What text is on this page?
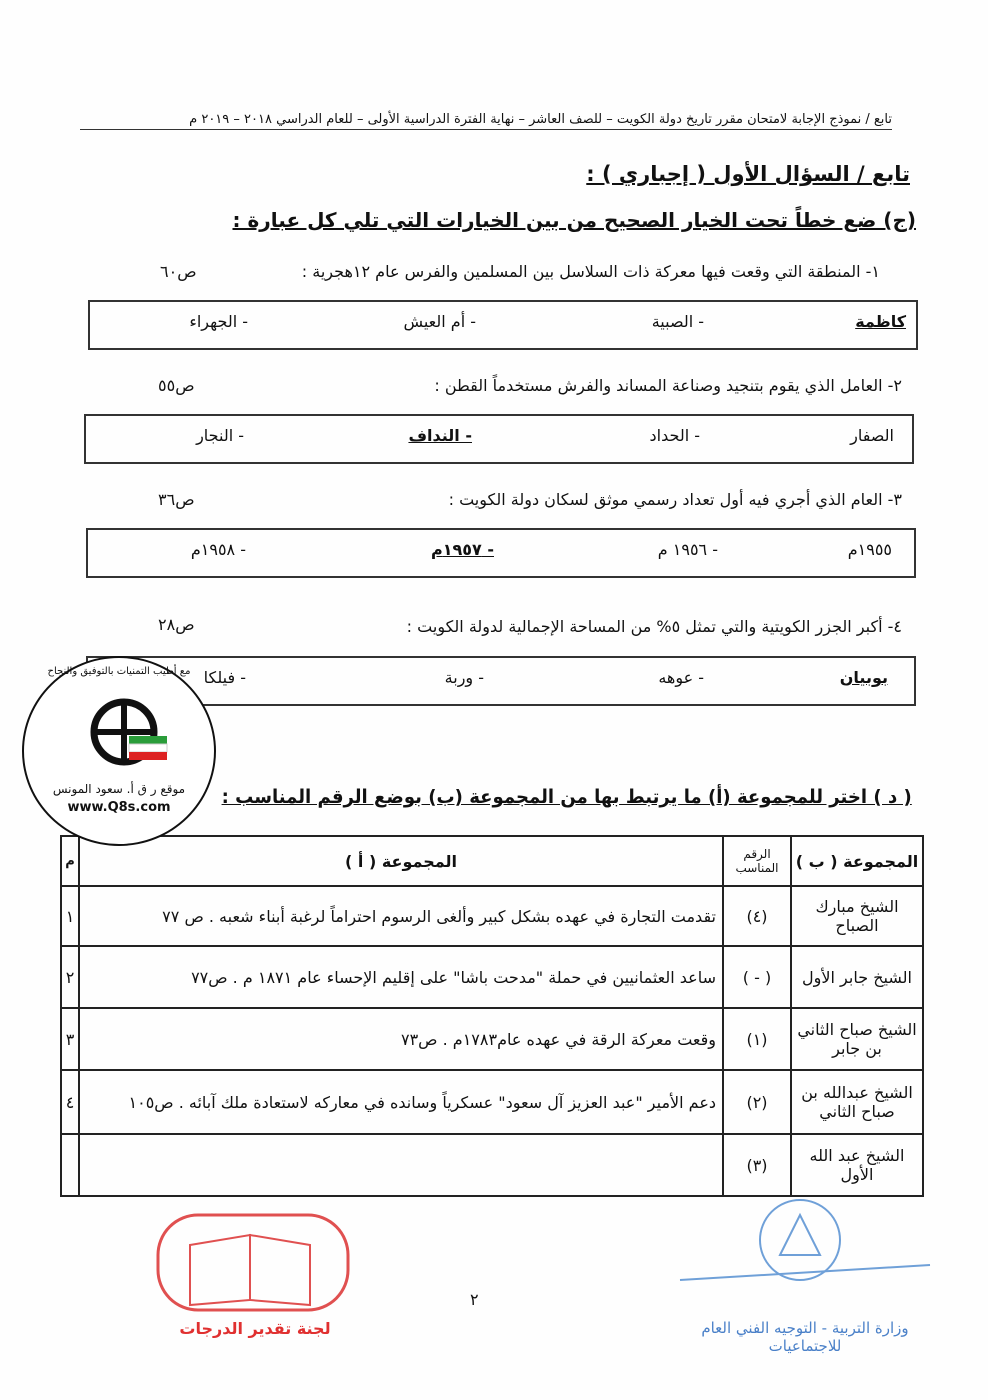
تابع / نموذج الإجابة لامتحان مقرر تاريخ دولة الكويت – للصف العاشر – نهاية الفترة الدراسية الأولى – للعام الدراسي ٢٠١٨ – ٢٠١٩ م
تابع / السؤال الأول ( إجباري ) :
(ج) ضع خطاً تحت الخيار الصحيح من بين الخيارات التي تلي كل عبارة :
١- المنطقة التي وقعت فيها معركة ذات السلاسل بين المسلمين والفرس عام ١٢هجرية :
ص٦٠
كاظمة
- الصبية
- أم العيش
- الجهراء
٢- العامل الذي يقوم بتنجيد وصناعة المساند والفرش مستخدماً القطن :
ص٥٥
الصفار
- الحداد
- النداف
- النجار
٣- العام الذي أجري فيه أول تعداد رسمي موثق لسكان دولة الكويت :
ص٣٦
١٩٥٥م
- ١٩٥٦ م
- ١٩٥٧م
- ١٩٥٨م
٤- أكبر الجزر الكويتية والتي تمثل ٥% من المساحة الإجمالية لدولة الكويت :
ص٢٨
بوبيان
- عوهه
- وربة
- فيلكا
( د ) اختر للمجموعة (أ) ما يرتبط بها من المجموعة (ب) بوضع الرقم المناسب :
المجموعة ( ب )	الرقم المناسب	المجموعة ( أ )	م
الشيخ مبارك الصباح	(٤)	تقدمت التجارة في عهده بشكل كبير وألغى الرسوم احتراماً لرغبة أبناء شعبه . ص ٧٧	١
الشيخ جابر الأول	( - )	ساعد العثمانيين في حملة "مدحت باشا" على إقليم الإحساء عام ١٨٧١ م . ص٧٧	٢
الشيخ صباح الثاني بن جابر	(١)	وقعت معركة الرقة في عهده عام١٧٨٣م . ص٧٣	٣
الشيخ عبدالله بن صباح الثاني	(٢)	دعم الأمير "عبد العزيز آل سعود" عسكرياً وسانده في معاركه لاستعادة ملك آبائه . ص١٠٥	٤
الشيخ عبد الله الأول	(٣)		
مع أطيب التمنيات بالتوفيق والنجاح
موقع ر ق أ. سعود المونس
www.Q8s.com
لجنة تقدير الدرجات
٢
وزارة التربية - التوجيه الفني العام للاجتماعيات
